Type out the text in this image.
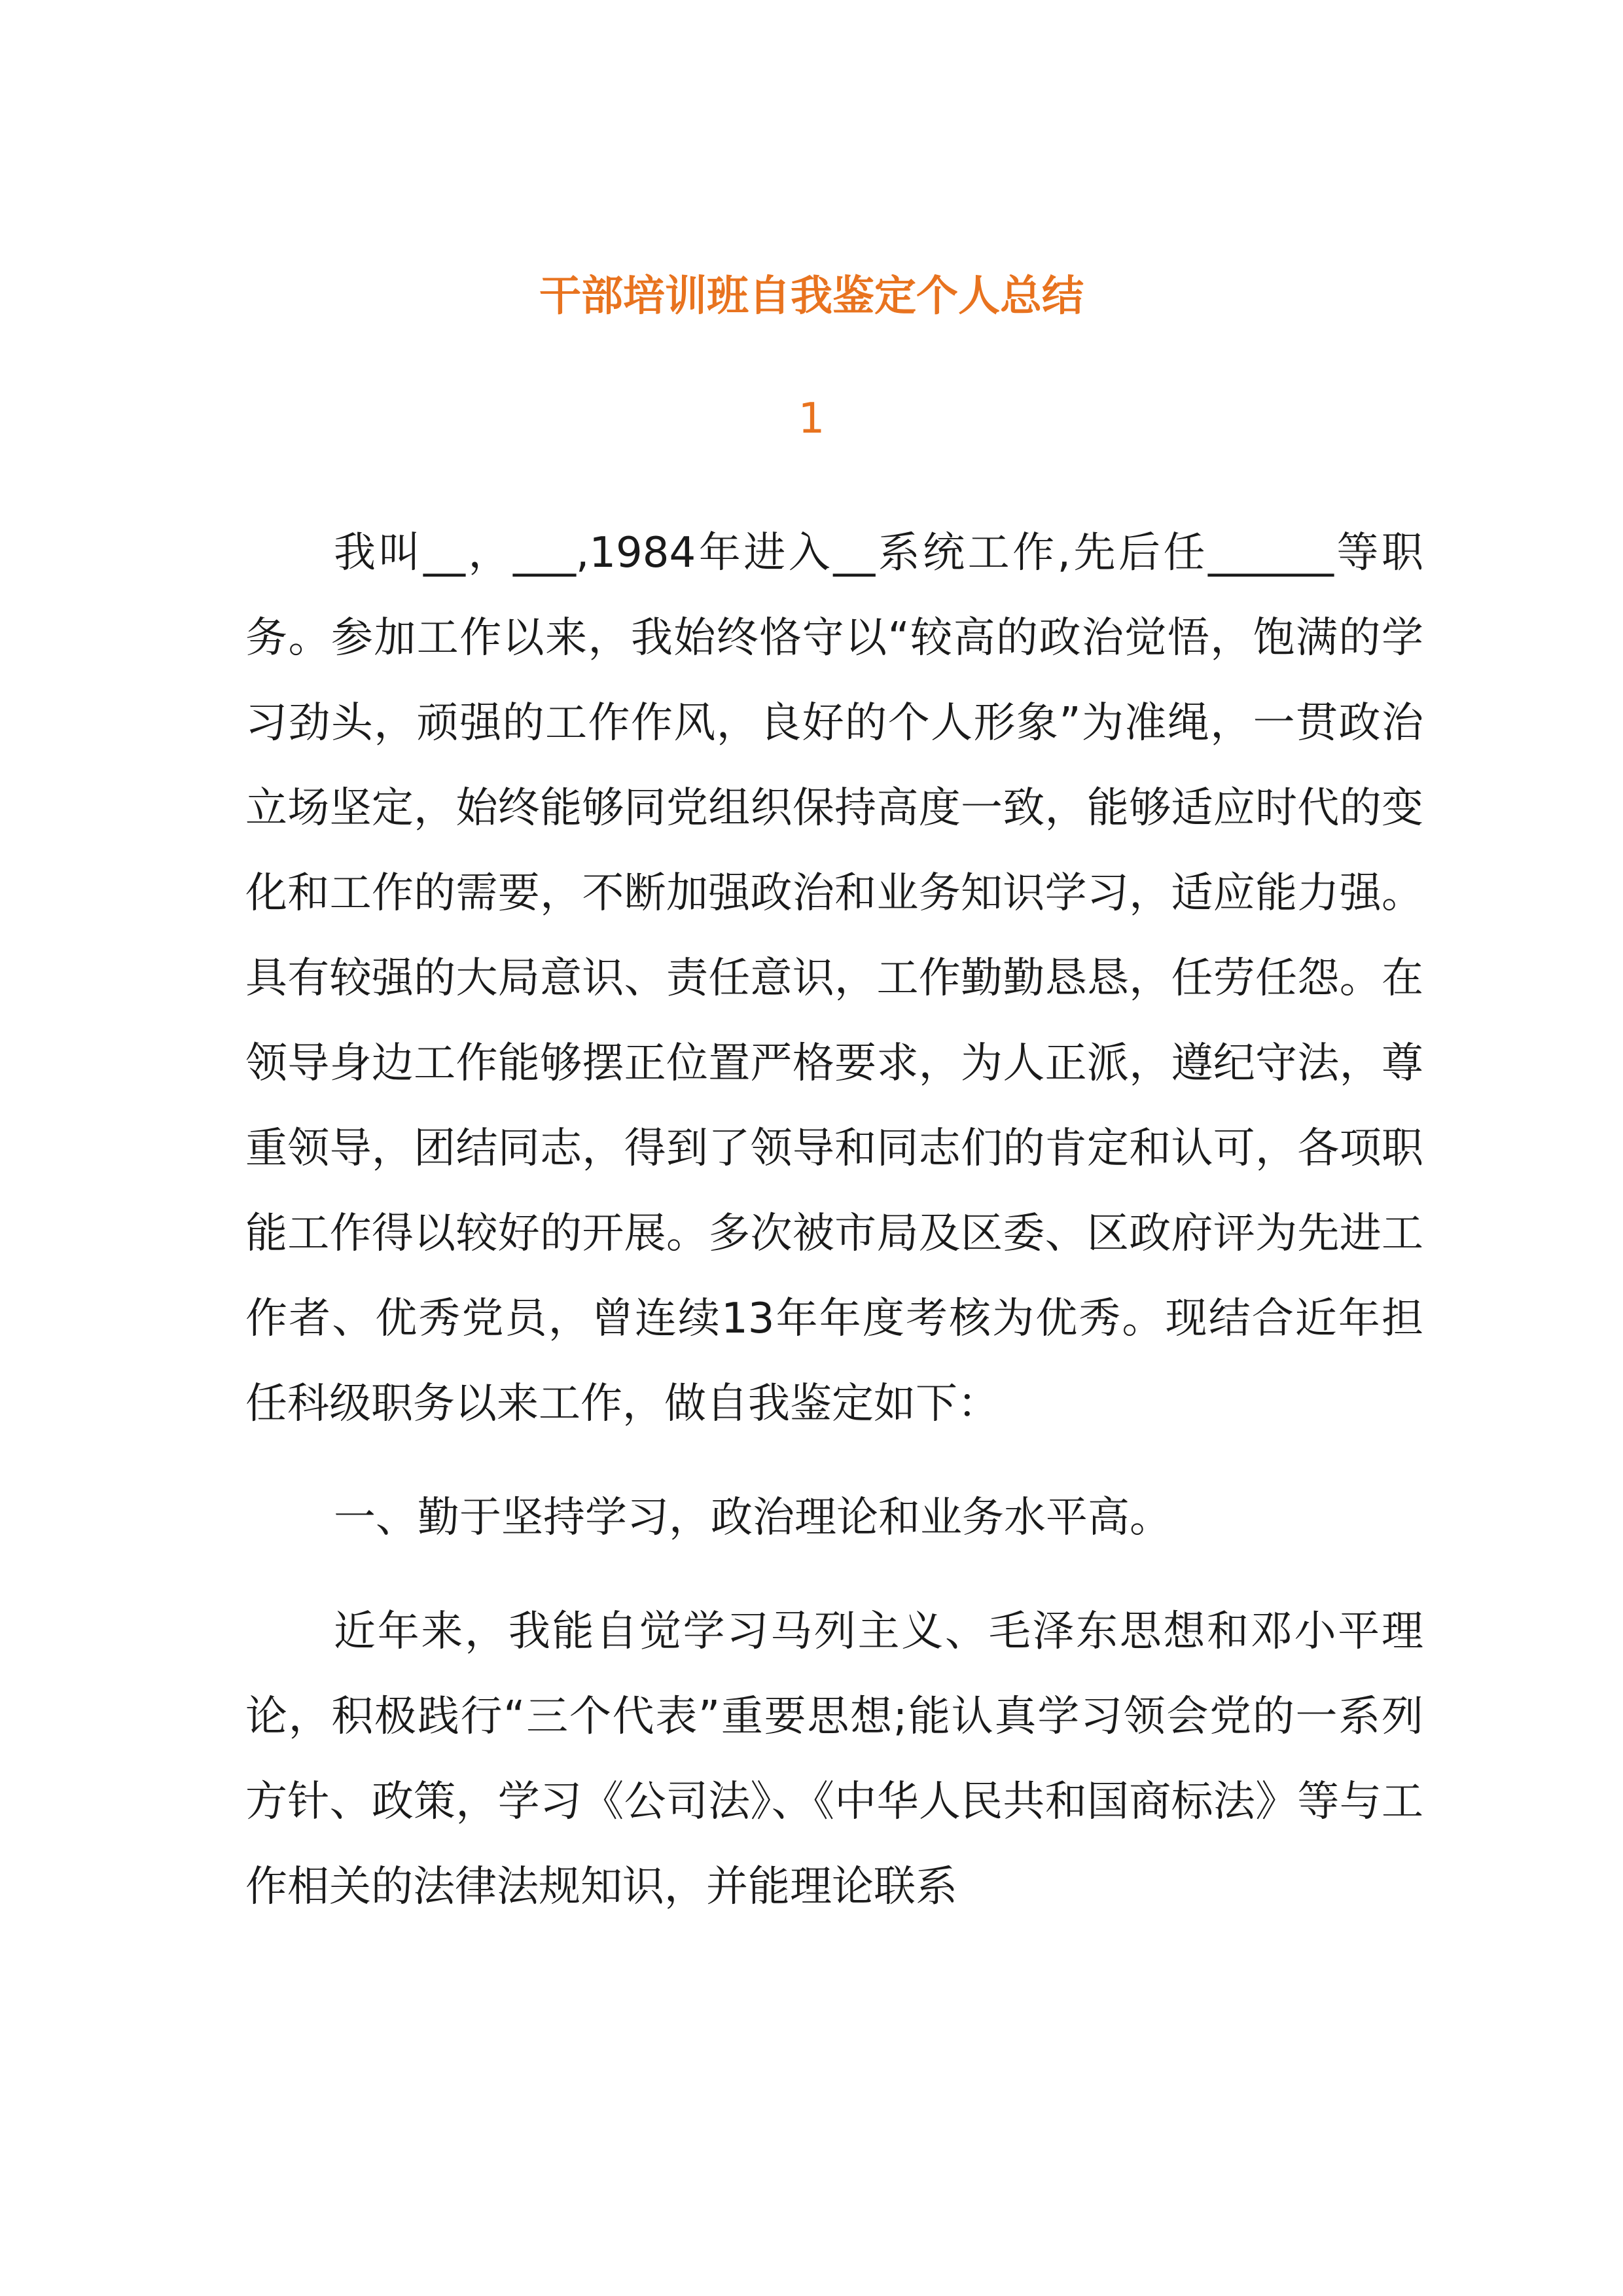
干部培训班自我鉴定个人总结
1

我叫__，___,1984年进入__系统工作,先后任______等职务。参加工作以来，我始终恪守以“较高的政治觉悟，饱满的学习劲头，顽强的工作作风，良好的个人形象”为准绳，一贯政治立场坚定，始终能够同党组织保持高度一致，能够适应时代的变化和工作的需要，不断加强政治和业务知识学习，适应能力强。具有较强的大局意识、责任意识，工作勤勤恳恳，任劳任怨。在领导身边工作能够摆正位置严格要求，为人正派，遵纪守法，尊重领导，团结同志，得到了领导和同志们的肯定和认可，各项职能工作得以较好的开展。多次被市局及区委、区政府评为先进工作者、优秀党员，曾连续13年年度考核为优秀。现结合近年担任科级职务以来工作，做自我鉴定如下：

一、勤于坚持学习，政治理论和业务水平高。

近年来，我能自觉学习马列主义、毛泽东思想和邓小平理论，积极践行“三个代表”重要思想;能认真学习领会党的一系列方针、政策，学习《公司法》、《中华人民共和国商标法》等与工作相关的法律法规知识，并能理论联系
